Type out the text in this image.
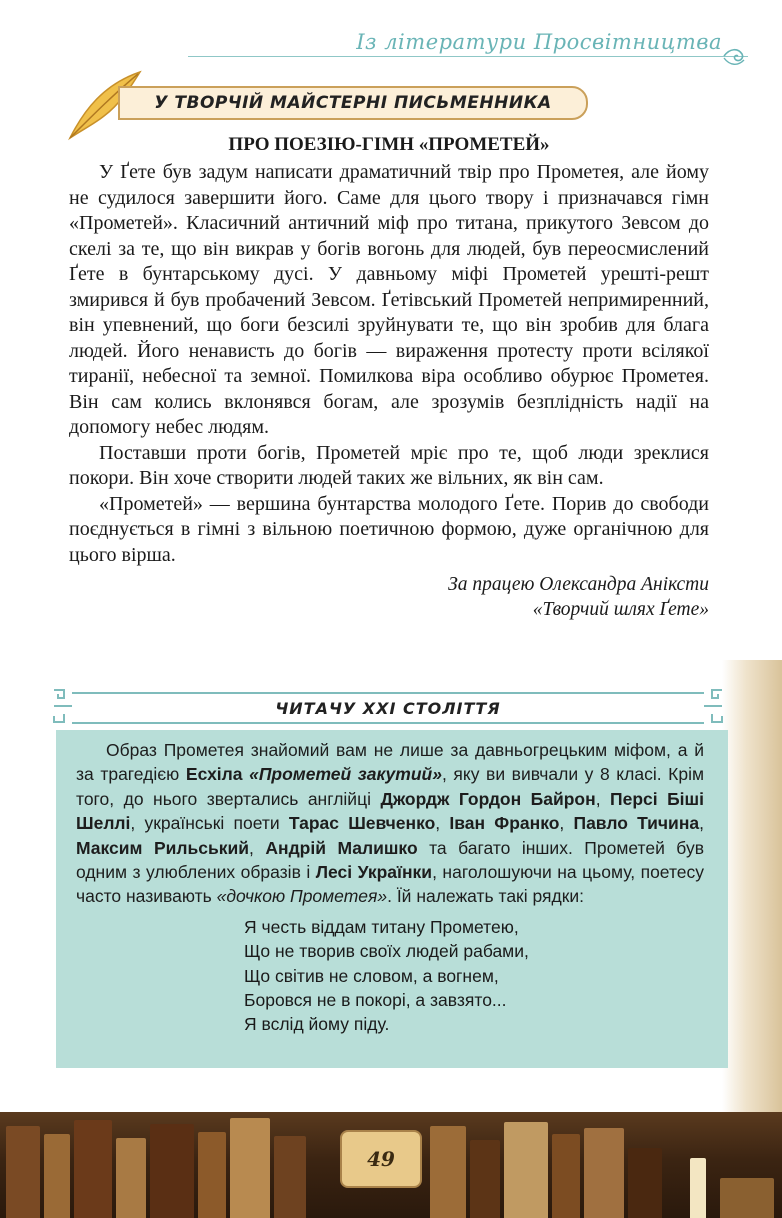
Із літератури Просвітництва
У ТВОРЧІЙ МАЙСТЕРНІ ПИСЬМЕННИКА
ПРО ПОЕЗІЮ-ГІМН «ПРОМЕТЕЙ»

У Ґете був задум написати драматичний твір про Прометея, але йому не судилося завершити його. Саме для цього твору і призначався гімн «Прометей». Класичний античний міф про титана, прикутого Зевсом до скелі за те, що він викрав у богів вогонь для людей, був переосмислений Ґете в бунтарському дусі. У давньому міфі Прометей урешті-решт змирився й був пробачений Зевсом. Ґетівський Прометей непримиренний, він упевнений, що боги безсилі зруйнувати те, що він зробив для блага людей. Його ненависть до богів — вираження протесту проти всілякої тиранії, небесної та земної. Помилкова віра особливо обурює Прометея. Він сам колись вклонявся богам, але зрозумів безплідність надії на допомогу небес людям.

Поставши проти богів, Прометей мріє про те, щоб люди зреклися покори. Він хоче створити людей таких же вільних, як він сам.

«Прометей» — вершина бунтарства молодого Ґете. Порив до свободи поєднується в гімні з вільною поетичною формою, дуже органічною для цього вірша.

За працею Олександра Аніксти
«Творчий шлях Ґете»
ЧИТАЧУ XXI СТОЛІТТЯ

Образ Прометея знайомий вам не лише за давньогрецьким міфом, а й за трагедією Есхіла «Прометей закутий», яку ви вивчали у 8 класі. Крім того, до нього звертались англійці Джордж Гордон Байрон, Персі Біші Шеллі, українські поети Тарас Шевченко, Іван Франко, Павло Тичина, Максим Рильський, Андрій Малишко та багато інших. Прометей був одним з улюблених образів і Лесі Українки, наголошуючи на цьому, поетесу часто називають «дочкою Прометея». Їй належать такі рядки:

Я честь віддам титану Прометею,
Що не творив своїх людей рабами,
Що світив не словом, а вогнем,
Боровся не в покорі, а завзято...
Я вслід йому піду.
49
